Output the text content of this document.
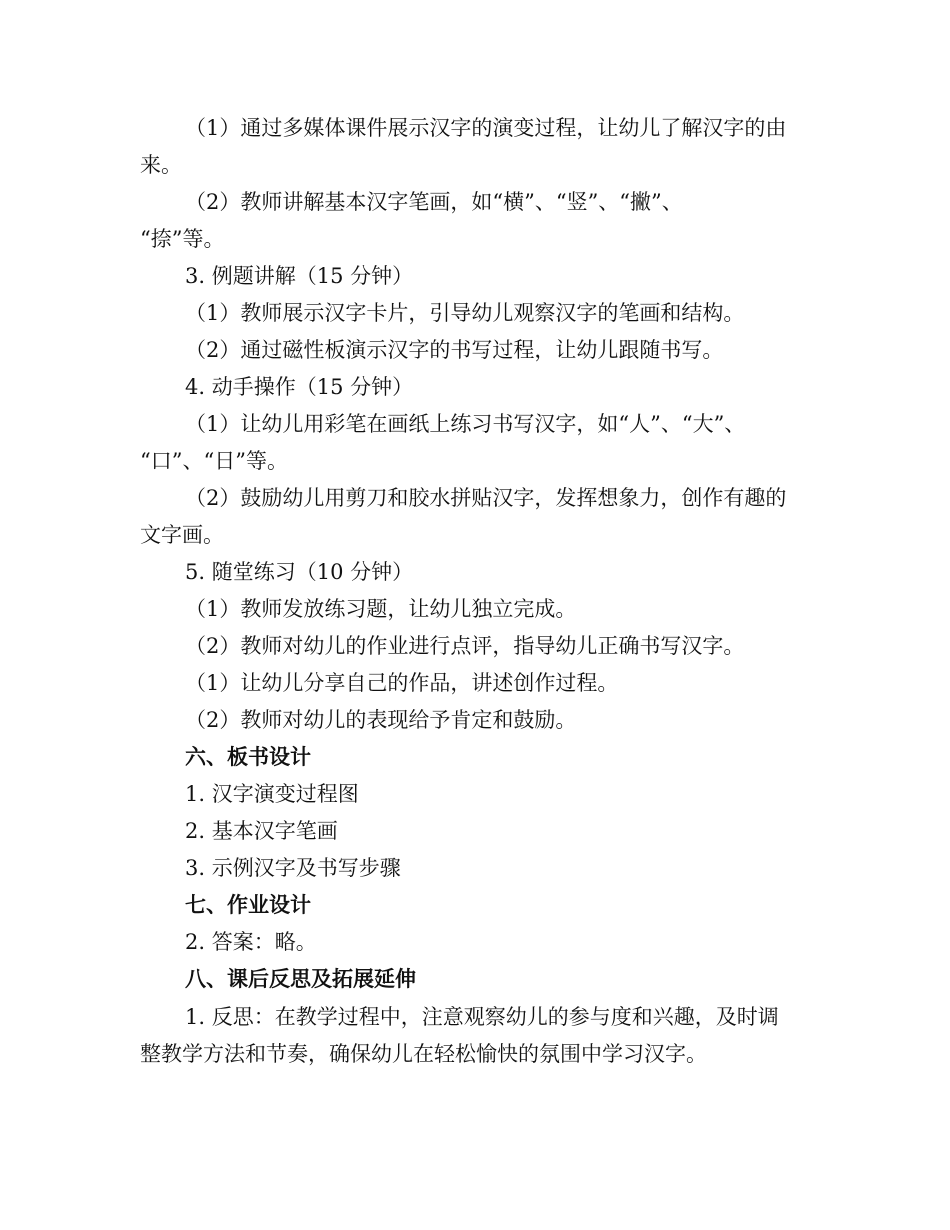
（1）通过多媒体课件展示汉字的演变过程，让幼儿了解汉字的由
来。
（2）教师讲解基本汉字笔画，如“横”、“竖”、“撇”、
“捺”等。
3. 例题讲解（15 分钟）
（1）教师展示汉字卡片，引导幼儿观察汉字的笔画和结构。
（2）通过磁性板演示汉字的书写过程，让幼儿跟随书写。
4. 动手操作（15 分钟）
（1）让幼儿用彩笔在画纸上练习书写汉字，如“人”、“大”、
“口”、“日”等。
（2）鼓励幼儿用剪刀和胶水拼贴汉字，发挥想象力，创作有趣的
文字画。
5. 随堂练习（10 分钟）
（1）教师发放练习题，让幼儿独立完成。
（2）教师对幼儿的作业进行点评，指导幼儿正确书写汉字。
（1）让幼儿分享自己的作品，讲述创作过程。
（2）教师对幼儿的表现给予肯定和鼓励。
六、板书设计
1. 汉字演变过程图
2. 基本汉字笔画
3. 示例汉字及书写步骤
七、作业设计
2. 答案：略。
八、课后反思及拓展延伸
1. 反思：在教学过程中，注意观察幼儿的参与度和兴趣，及时调
整教学方法和节奏，确保幼儿在轻松愉快的氛围中学习汉字。
